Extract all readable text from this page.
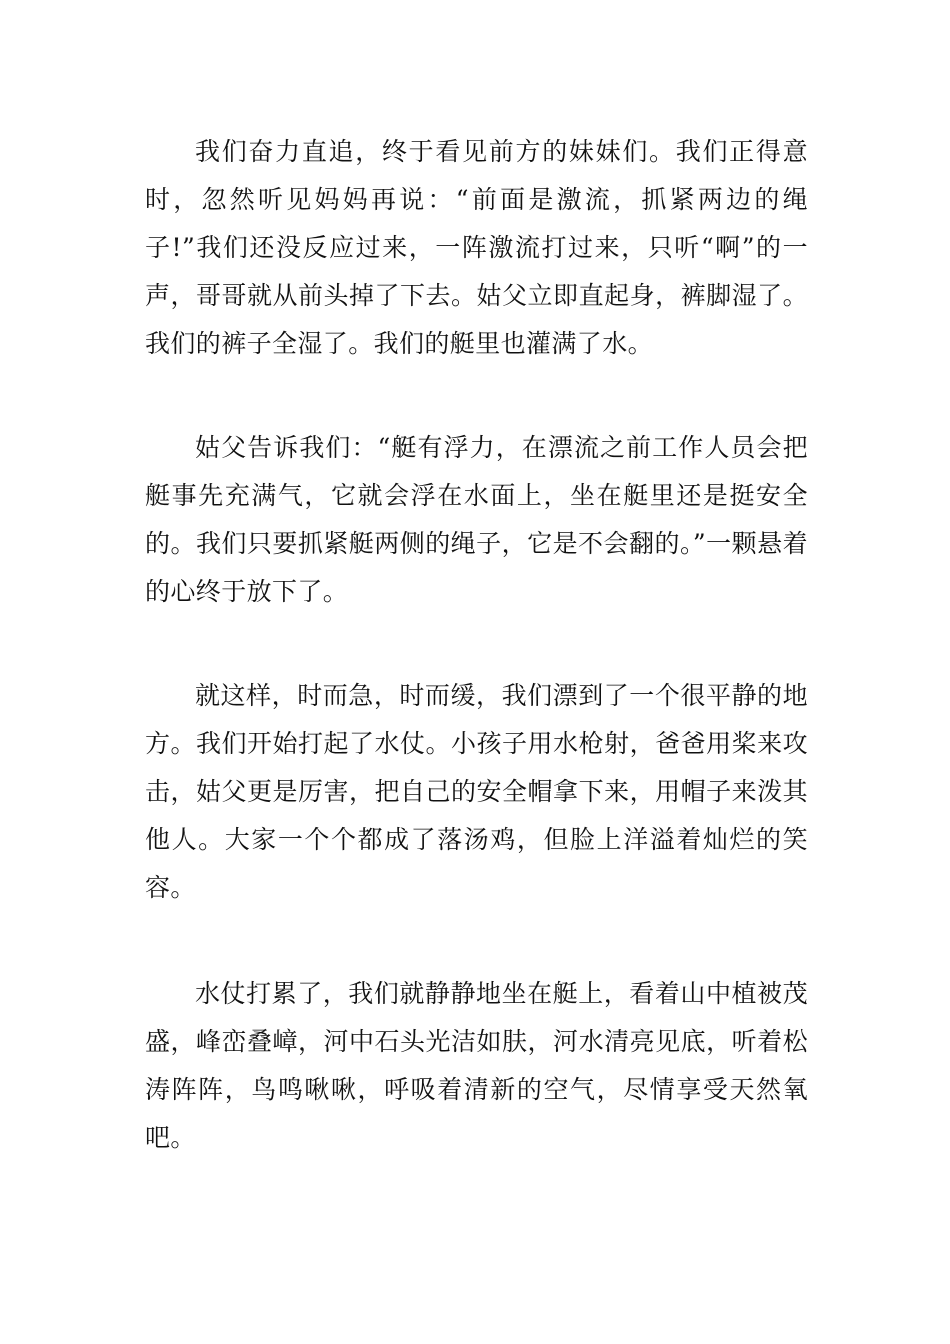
我们奋力直追，终于看见前方的妹妹们。我们正得意时，忽然听见妈妈再说：“前面是激流，抓紧两边的绳子!”我们还没反应过来，一阵激流打过来，只听“啊”的一声，哥哥就从前头掉了下去。姑父立即直起身，裤脚湿了。我们的裤子全湿了。我们的艇里也灌满了水。

姑父告诉我们：“艇有浮力，在漂流之前工作人员会把艇事先充满气，它就会浮在水面上，坐在艇里还是挺安全的。我们只要抓紧艇两侧的绳子，它是不会翻的。”一颗悬着的心终于放下了。

就这样，时而急，时而缓，我们漂到了一个很平静的地方。我们开始打起了水仗。小孩子用水枪射，爸爸用桨来攻击，姑父更是厉害，把自己的安全帽拿下来，用帽子来泼其他人。大家一个个都成了落汤鸡，但脸上洋溢着灿烂的笑容。

水仗打累了，我们就静静地坐在艇上，看着山中植被茂盛，峰峦叠嶂，河中石头光洁如肤，河水清亮见底，听着松涛阵阵，鸟鸣啾啾，呼吸着清新的空气，尽情享受天然氧吧。
